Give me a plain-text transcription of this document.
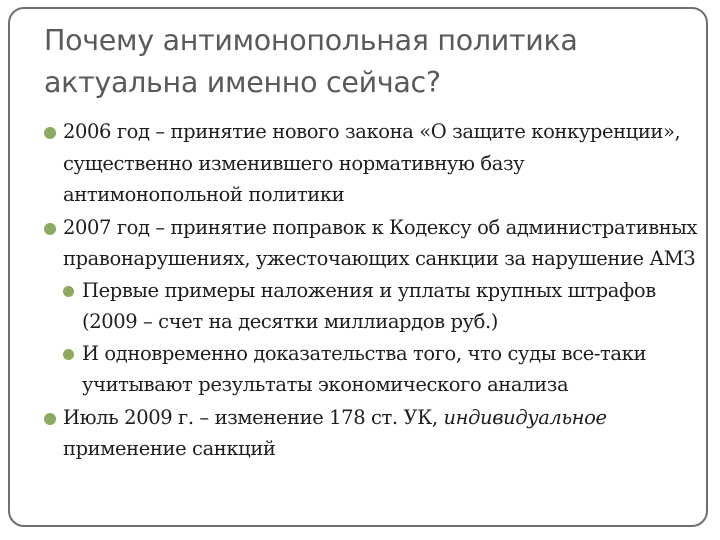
Почему антимонопольная политика актуальна именно сейчас?
2006 год – принятие нового закона «О защите конкуренции», существенно изменившего нормативную базу антимонопольной политики
2007 год – принятие поправок к Кодексу об административных правонарушениях, ужесточающих санкции за нарушение АМЗ
Первые примеры наложения и уплаты крупных штрафов (2009 – счет на десятки миллиардов руб.)
И одновременно доказательства того, что суды все-таки учитывают результаты экономического анализа
Июль 2009 г. – изменение 178 ст. УК, индивидуальное применение санкций
